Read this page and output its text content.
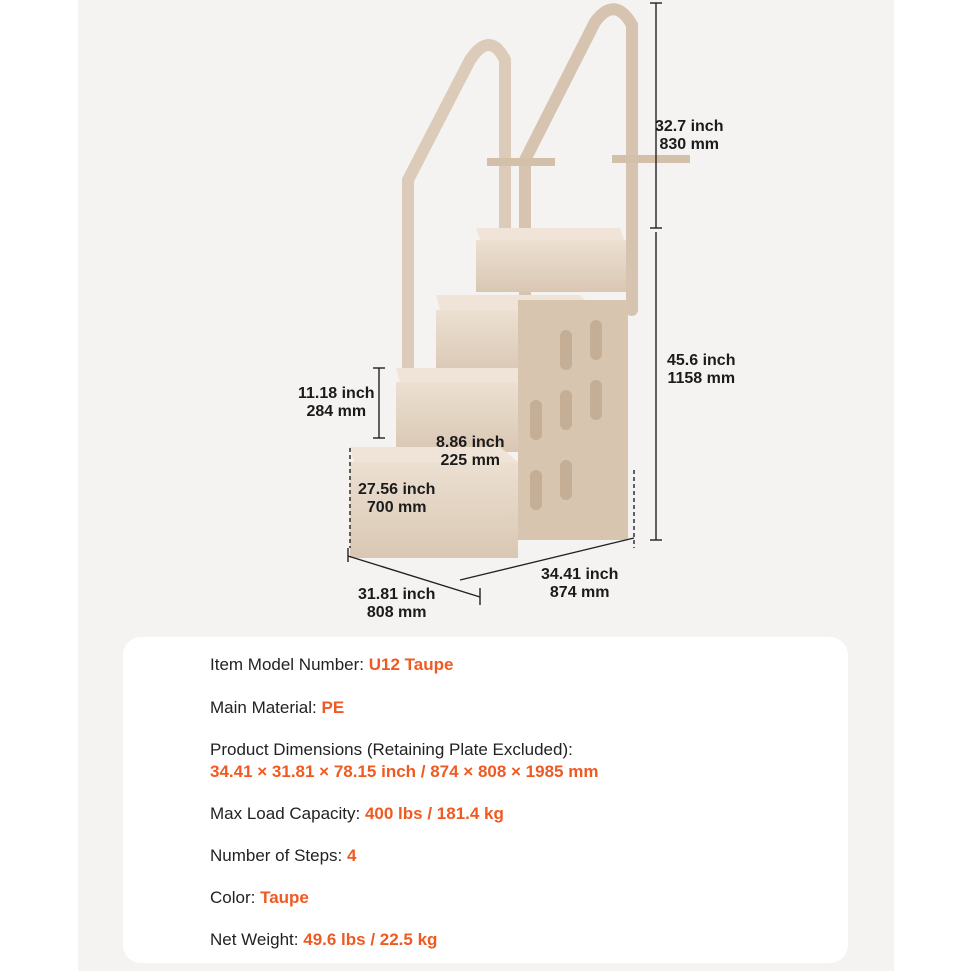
32.7 inch
830 mm
45.6 inch
1158 mm
11.18 inch
284 mm
8.86 inch
225 mm
27.56 inch
700 mm
31.81 inch
808 mm
34.41 inch
874 mm
Item Model Number: U12 Taupe
Main Material: PE
Product Dimensions (Retaining Plate Excluded):
34.41 × 31.81 × 78.15 inch / 874 × 808 × 1985 mm
Max Load Capacity: 400 lbs / 181.4 kg
Number of Steps: 4
Color: Taupe
Net Weight: 49.6 lbs / 22.5 kg
